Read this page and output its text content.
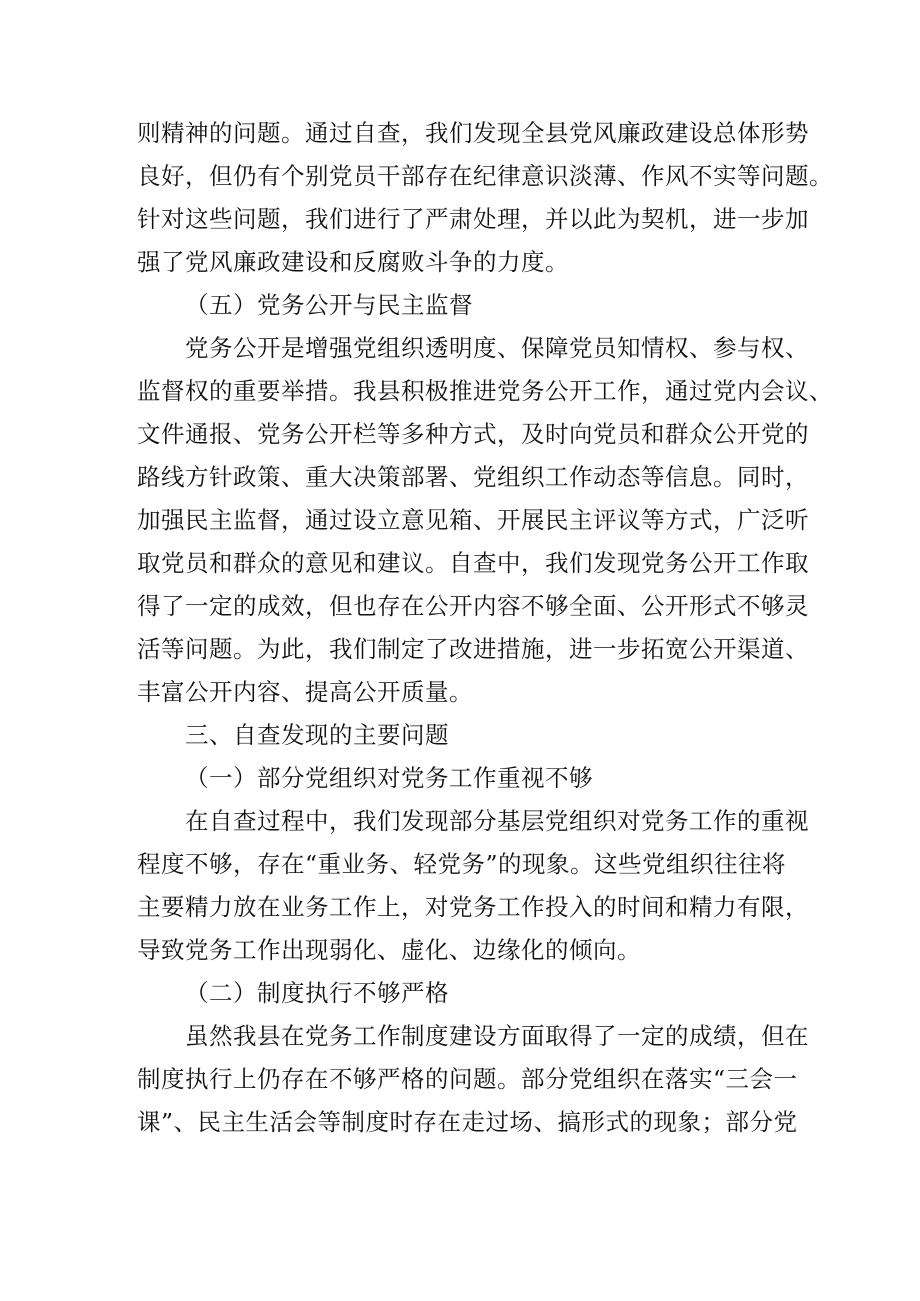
则精神的问题。通过自查，我们发现全县党风廉政建设总体形势
良好，但仍有个别党员干部存在纪律意识淡薄、作风不实等问题。
针对这些问题，我们进行了严肃处理，并以此为契机，进一步加
强了党风廉政建设和反腐败斗争的力度。
（五）党务公开与民主监督
党务公开是增强党组织透明度、保障党员知情权、参与权、
监督权的重要举措。我县积极推进党务公开工作，通过党内会议、
文件通报、党务公开栏等多种方式，及时向党员和群众公开党的
路线方针政策、重大决策部署、党组织工作动态等信息。同时，
加强民主监督，通过设立意见箱、开展民主评议等方式，广泛听
取党员和群众的意见和建议。自查中，我们发现党务公开工作取
得了一定的成效，但也存在公开内容不够全面、公开形式不够灵
活等问题。为此，我们制定了改进措施，进一步拓宽公开渠道、
丰富公开内容、提高公开质量。
三、自查发现的主要问题
（一）部分党组织对党务工作重视不够
在自查过程中，我们发现部分基层党组织对党务工作的重视
程度不够，存在“重业务、轻党务”的现象。这些党组织往往将
主要精力放在业务工作上，对党务工作投入的时间和精力有限，
导致党务工作出现弱化、虚化、边缘化的倾向。
（二）制度执行不够严格
虽然我县在党务工作制度建设方面取得了一定的成绩，但在
制度执行上仍存在不够严格的问题。部分党组织在落实“三会一
课”、民主生活会等制度时存在走过场、搞形式的现象；部分党
